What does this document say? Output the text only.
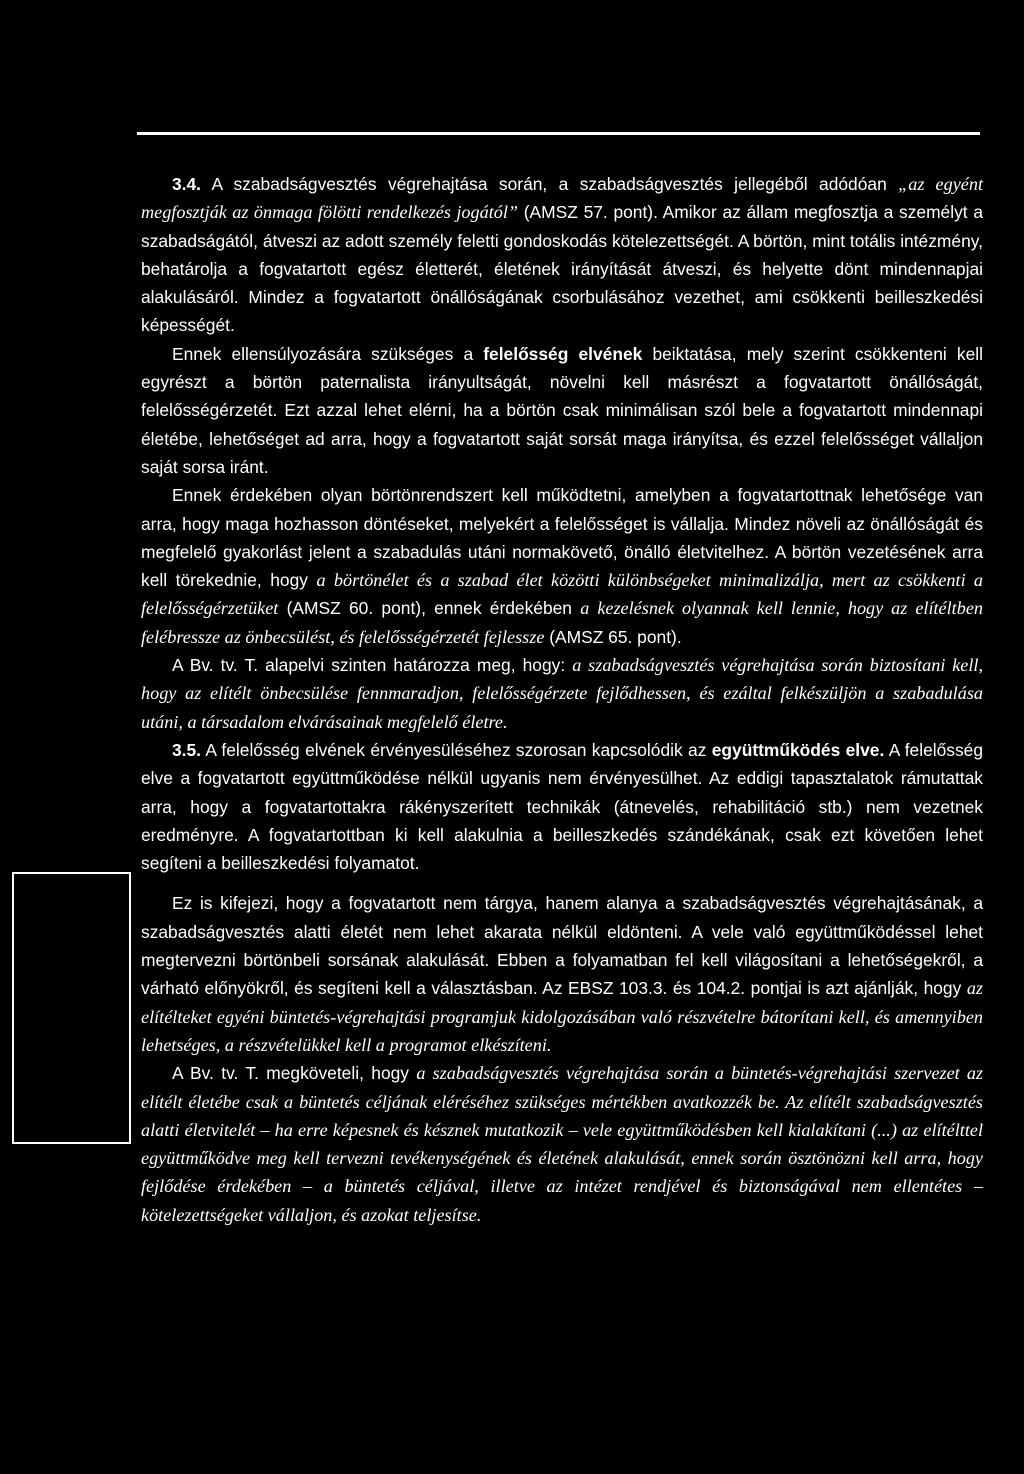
3.4. A szabadságvesztés végrehajtása során, a szabadságvesztés jellegéből adódóan „az egyént megfosztják az önmaga fölötti rendelkezés jogától” (AMSZ 57. pont). Amikor az állam megfosztja a személyt a szabadságától, átveszi az adott személy feletti gondoskodás kötelezettségét. A börtön, mint totális intézmény, behatárolja a fogvatartott egész életterét, életének irányítását átveszi, és helyette dönt mindennapjai alakulásáról. Mindez a fogvatartott önállóságának csorbulásához vezethet, ami csökkenti beilleszkedési képességét.

Ennek ellensúlyozására szükséges a felelősség elvének beiktatása, mely szerint csökkenteni kell egyrészt a börtön paternalista irányultságát, növelni kell másrészt a fogvatartott önállóságát, felelősségérzetét. Ezt azzal lehet elérni, ha a börtön csak minimálisan szól bele a fogvatartott mindennapi életébe, lehetőséget ad arra, hogy a fogvatartott saját sorsát maga irányítsa, és ezzel felelősséget vállaljon saját sorsa iránt.

Ennek érdekében olyan börtönrendszert kell működtetni, amelyben a fogvatartottnak lehetősége van arra, hogy maga hozhasson döntéseket, melyekért a felelősséget is vállalja. Mindez növeli az önállóságát és megfelelő gyakorlást jelent a szabadulás utáni normakövető, önálló életvitelhez. A börtön vezetésének arra kell törekednie, hogy a börtönélet és a szabad élet közötti különbségeket minimalizálja, mert az csökkenti a felelősségérzetüket (AMSZ 60. pont), ennek érdekében a kezelésnek olyannak kell lennie, hogy az elítéltben felébressze az önbecsülést, és felelősségérzetét fejlessze (AMSZ 65. pont).

A Bv. tv. T. alapelvi szinten határozza meg, hogy: a szabadságvesztés végrehajtása során biztosítani kell, hogy az elítélt önbecsülése fennmaradjon, felelősségérzete fejlődhessen, és ezáltal felkészüljön a szabadulása utáni, a társadalom elvárásainak megfelelő életre.

3.5. A felelősség elvének érvényesüléséhez szorosan kapcsolódik az együttműködés elve. A felelősség elve a fogvatartott együttműködése nélkül ugyanis nem érvényesülhet. Az eddigi tapasztalatok rámutattak arra, hogy a fogvatartottakra rákényszerített technikák (átnevelés, rehabilitáció stb.) nem vezetnek eredményre. A fogvatartottban ki kell alakulnia a beilleszkedés szándékának, csak ezt követően lehet segíteni a beilleszkedési folyamatot.

Ez is kifejezi, hogy a fogvatartott nem tárgya, hanem alanya a szabadságvesztés végrehajtásának, a szabadságvesztés alatti életét nem lehet akarata nélkül eldönteni. A vele való együttműködéssel lehet megtervezni börtönbeli sorsának alakulását. Ebben a folyamatban fel kell világosítani a lehetőségekről, a várható előnyökről, és segíteni kell a választásban. Az EBSZ 103.3. és 104.2. pontjai is azt ajánlják, hogy az elítélteket egyéni büntetés-végrehajtási programjuk kidolgozásában való részvételre bátorítani kell, és amennyiben lehetséges, a részvételükkel kell a programot elkészíteni.

A Bv. tv. T. megköveteli, hogy a szabadságvesztés végrehajtása során a büntetés-végrehajtási szervezet az elítélt életébe csak a büntetés céljának eléréséhez szükséges mértékben avatkozzék be. Az elítélt szabadságvesztés alatti életvitelét – ha erre képesnek és késznek mutatkozik – vele együttműködésben kell kialakítani (...) az elítélttel együttműködve meg kell tervezni tevékenységének és életének alakulását, ennek során ösztönözni kell arra, hogy fejlődése érdekében – a büntetés céljával, illetve az intézet rendjével és biztonságával nem ellentétes – kötelezettségeket vállaljon, és azokat teljesítse.
